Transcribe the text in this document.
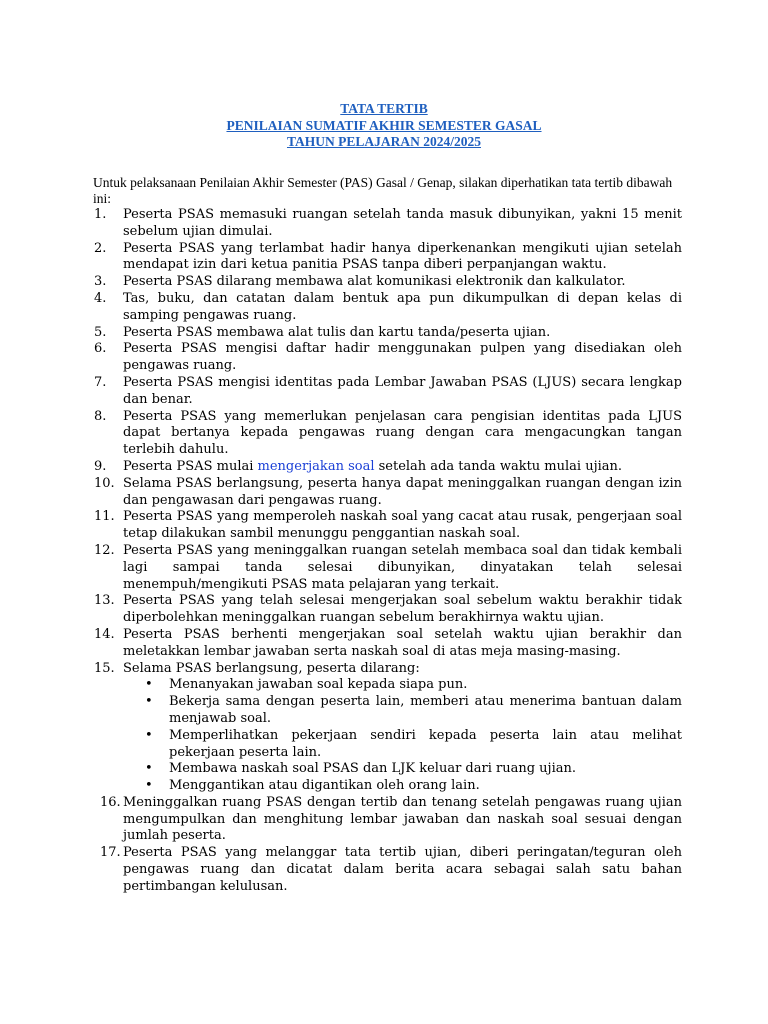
TATA TERTIB
PENILAIAN SUMATIF AKHIR SEMESTER GASAL
TAHUN PELAJARAN 2024/2025
Untuk pelaksanaan Penilaian Akhir Semester (PAS) Gasal / Genap, silakan diperhatikan tata tertib dibawah ini:
1. Peserta PSAS memasuki ruangan setelah tanda masuk dibunyikan, yakni 15 menit sebelum ujian dimulai.
2. Peserta PSAS yang terlambat hadir hanya diperkenankan mengikuti ujian setelah mendapat izin dari ketua panitia PSAS tanpa diberi perpanjangan waktu.
3. Peserta PSAS dilarang membawa alat komunikasi elektronik dan kalkulator.
4. Tas, buku, dan catatan dalam bentuk apa pun dikumpulkan di depan kelas di samping pengawas ruang.
5. Peserta PSAS membawa alat tulis dan kartu tanda/peserta ujian.
6. Peserta PSAS mengisi daftar hadir menggunakan pulpen yang disediakan oleh pengawas ruang.
7. Peserta PSAS mengisi identitas pada Lembar Jawaban PSAS (LJUS) secara lengkap dan benar.
8. Peserta PSAS yang memerlukan penjelasan cara pengisian identitas pada LJUS dapat bertanya kepada pengawas ruang dengan cara mengacungkan tangan terlebih dahulu.
9. Peserta PSAS mulai mengerjakan soal setelah ada tanda waktu mulai ujian.
10. Selama PSAS berlangsung, peserta hanya dapat meninggalkan ruangan dengan izin dan pengawasan dari pengawas ruang.
11. Peserta PSAS yang memperoleh naskah soal yang cacat atau rusak, pengerjaan soal tetap dilakukan sambil menunggu penggantian naskah soal.
12. Peserta PSAS yang meninggalkan ruangan setelah membaca soal dan tidak kembali lagi sampai tanda selesai dibunyikan, dinyatakan telah selesai menempuh/mengikuti PSAS mata pelajaran yang terkait.
13. Peserta PSAS yang telah selesai mengerjakan soal sebelum waktu berakhir tidak diperbolehkan meninggalkan ruangan sebelum berakhirnya waktu ujian.
14. Peserta PSAS berhenti mengerjakan soal setelah waktu ujian berakhir dan meletakkan lembar jawaban serta naskah soal di atas meja masing-masing.
15. Selama PSAS berlangsung, peserta dilarang:
• Menanyakan jawaban soal kepada siapa pun.
• Bekerja sama dengan peserta lain, memberi atau menerima bantuan dalam menjawab soal.
• Memperlihatkan pekerjaan sendiri kepada peserta lain atau melihat pekerjaan peserta lain.
• Membawa naskah soal PSAS dan LJK keluar dari ruang ujian.
• Menggantikan atau digantikan oleh orang lain.
16. Meninggalkan ruang PSAS dengan tertib dan tenang setelah pengawas ruang ujian mengumpulkan dan menghitung lembar jawaban dan naskah soal sesuai dengan jumlah peserta.
17. Peserta PSAS yang melanggar tata tertib ujian, diberi peringatan/teguran oleh pengawas ruang dan dicatat dalam berita acara sebagai salah satu bahan pertimbangan kelulusan.
